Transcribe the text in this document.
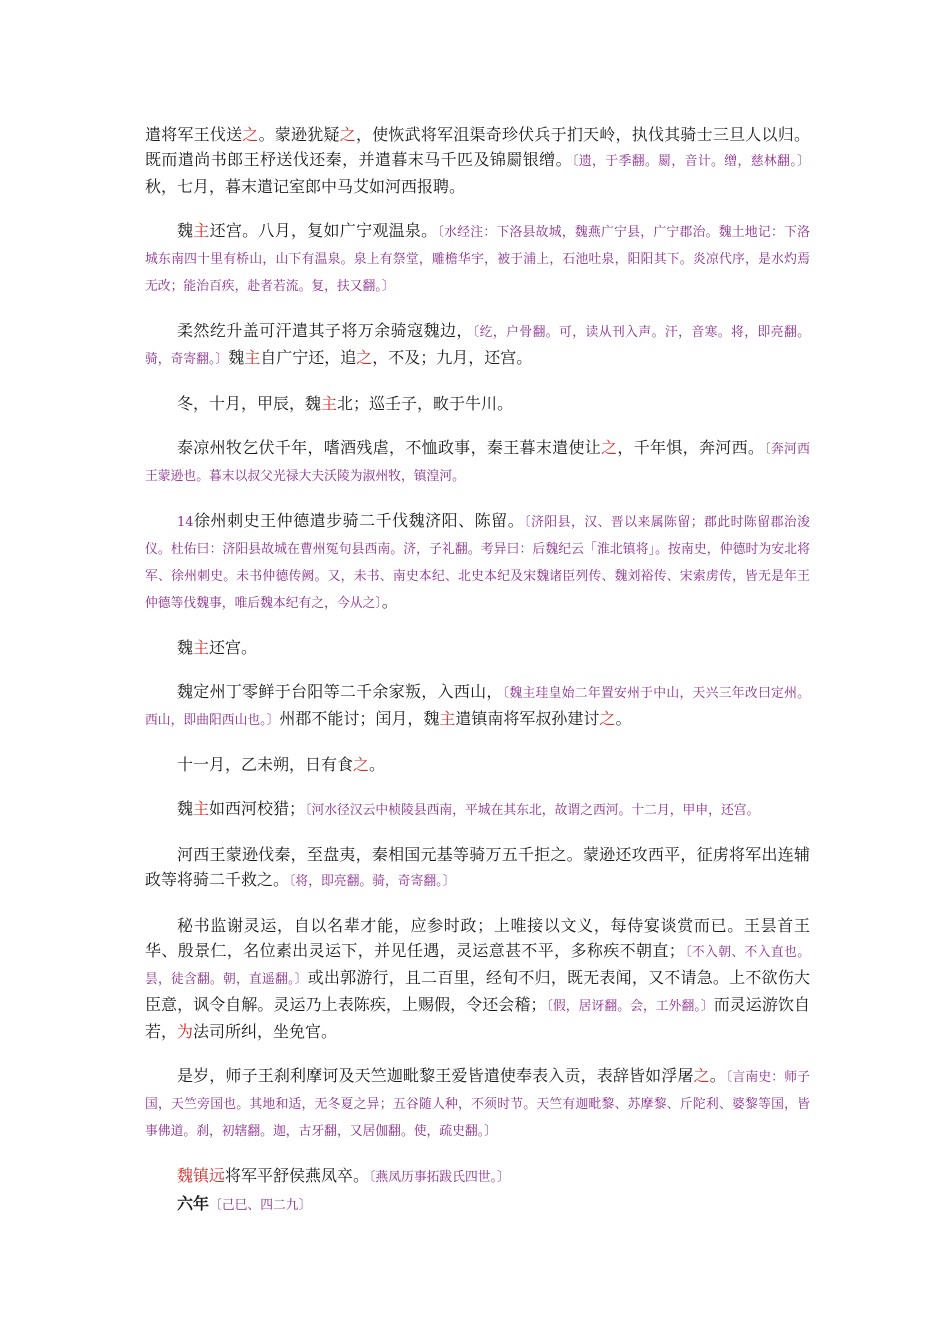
遣将军王伐送之。蒙逊犹疑之，使恢武将军沮渠奇珍伏兵于扪天岭，执伐其骑士三旦人以归。既而遣尚书郎王杼送伐还秦，并遣暮末马千匹及锦罽银缯。〔遗，于季翻。罽，音计。缯，慈林翻。〕秋，七月，暮末遣记室郎中马艾如河西报聘。
魏主还宫。八月，复如广宁观温泉。〔水经注：下洛县故城，魏燕广宁县，广宁郡治。魏土地记：下洛城东南四十里有桥山，山下有温泉。泉上有祭堂，雕檐华宇，被于浦上，石池吐泉，阳阳其下。炎凉代序，是水灼焉无改；能治百疾，赴者若流。复，扶又翻。〕
柔然纥升盖可汗遣其子将万余骑寇魏边，〔纥，户骨翻。可，读从刊入声。汗，音寒。将，即亮翻。骑，奇寄翻。〕魏主自广宁还，追之，不及；九月，还宫。
冬，十月，甲辰，魏主北；巡壬子，畋于牛川。
泰凉州牧乞伏千年，嗜酒残虐，不恤政事，秦王暮末遣使让之，千年惧，奔河西。〔奔河西王蒙逊也。暮末以叔父光禄大夫沃陵为淑州牧，镇湟河。
14徐州刺史王仲德遣步骑二千伐魏济阳、陈留。〔济阳县，汉、晋以来属陈留；郡此时陈留郡治浚仪。杜佑曰：济阳县故城在曹州冤句县西南。济，子礼翻。考异曰：后魏纪云「淮北镇将」。按南史，仲德时为安北将军、徐州刺史。未书仲德传阙。又，未书、南史本纪、北史本纪及宋魏诸臣列传、魏刘裕传、宋索虏传，皆无是年王仲德等伐魏事，唯后魏本纪有之，今从之〕。
魏主还宫。
魏定州丁零鲜于台阳等二千余家叛，入西山，〔魏主珪皇始二年置安州于中山，天兴三年改曰定州。西山，即曲阳西山也。〕州郡不能讨；闰月，魏主遣镇南将军叔孙建讨之。
十一月，乙未朔，日有食之。
魏主如西河校猎；〔河水径汉云中桢陵县西南，平城在其东北，故谓之西河。十二月，甲申，还宫。
河西王蒙逊伐秦，至盘夷，秦相国元基等骑万五千拒之。蒙逊还攻西平，征虏将军出连辅政等将骑二千救之。〔将，即亮翻。骑，奇寄翻。〕
秘书监谢灵运，自以名辈才能，应参时政；上唯接以文义，每侍宴谈赏而已。王昙首王华、殷景仁，名位素出灵运下，并见任遇，灵运意甚不平，多称疾不朝直；〔不入朝、不入直也。昙，徒含翻。朝，直遥翻。〕或出郭游行，且二百里，经旬不归，既无表闻，又不请急。上不欲伤大臣意，讽令自解。灵运乃上表陈疾，上赐假，令还会稽；〔假，居讶翻。会，工外翻。〕而灵运游饮自若，为法司所纠，坐免官。
是岁，师子王刹利摩诃及天竺迦毗黎王爱皆遣使奉表入贡，表辞皆如浮屠之。〔言南史：师子国，天竺旁国也。其地和适，无冬夏之异；五谷随人种，不须时节。天竺有迦毗黎、苏摩黎、斤陀利、婆黎等国，皆事佛道。刹，初辖翻。迦，古牙翻，又居伽翻。使，疏史翻。〕
魏镇远将军平舒侯燕凤卒。〔燕凤历事拓跋氏四世。〕
六年〔己巳、四二九〕
